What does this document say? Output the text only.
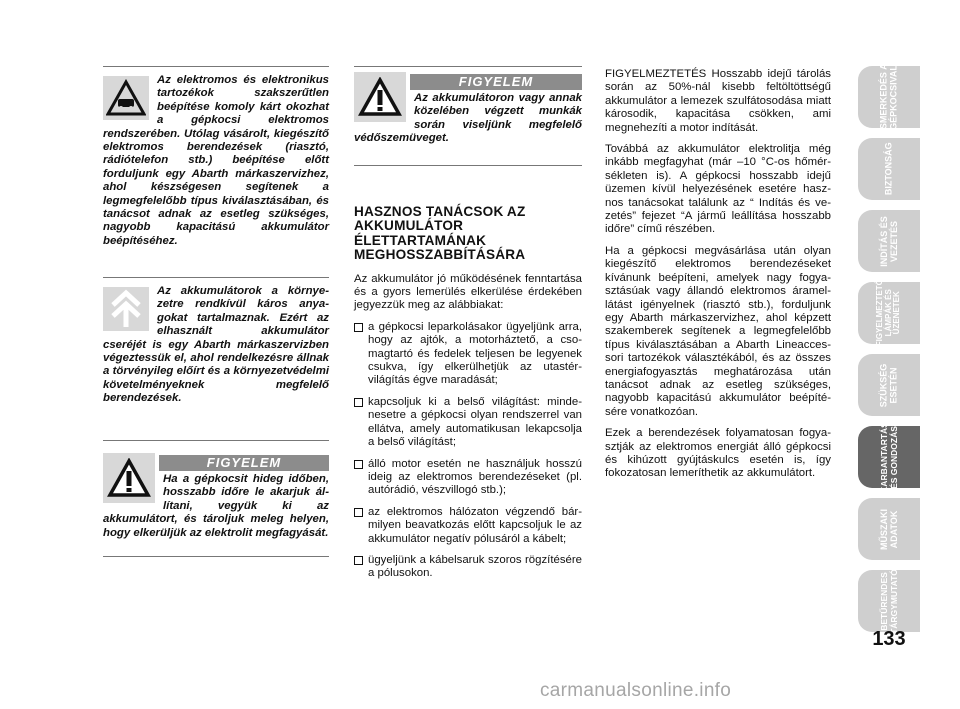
Az elektromos és elektronikus tartozékok szakszerűtlen beépítése komoly kárt okozhat a gépkocsi elektromos rendszerében. Utólag vásárolt, kiegészítő elektromos berendezések (riasztó, rádiótelefon stb.) beépítése előtt forduljunk egy Abarth márkaszervizhez, ahol készségesen segítenek a legmegfelelőbb típus kiválasztásában, és tanácsot adnak az esetleg szükséges, nagyobb kapacitású akkumulátor beépítéséhez.
Az akkumulátorok a környezetre rendkívül káros anyagokat tartalmaznak. Ezért az elhasznált akkumulátor cseréjét is egy Abarth márkaszervizben végeztessük el, ahol rendelkezésre állnak a törvényileg előírt és a környezetvédelmi követelményeknek megfelelő berendezések.
FIGYELEM
Ha a gépkocsit hideg időben, hosszabb időre le akarjuk állítani, vegyük ki az akkumulátort, és tároljuk meleg helyen, hogy elkerüljük az elektrolit megfagyását.
FIGYELEM
Az akkumulátoron vagy annak közelében végzett munkák során viseljünk megfelelő védőszemüveget.
HASZNOS TANÁCSOK AZ AKKUMULÁTOR ÉLETTARTAMÁNAK MEGHOSSZABBÍTÁSÁRA

Az akkumulátor jó működésének fenntartása és a gyors lemerülés elkerülése érdekében jegyezzük meg az alábbiakat:

a gépkocsi leparkolásakor ügyeljünk arra, hogy az ajtók, a motorháztető, a csomagtartó és fedelek teljesen be legyenek csukva, így elkerülhetjük az utastérvilágítás égve maradását;
kapcsoljuk ki a belső világítást: mindenesetre a gépkocsi olyan rendszerrel van ellátva, amely automatikusan lekapcsolja a belső világítást;
álló motor esetén ne használjuk hosszú ideig az elektromos berendezéseket (pl. autórádió, vészvillogó stb.);
az elektromos hálózaton végzendő bármilyen beavatkozás előtt kapcsoljuk le az akkumulátor negatív pólusáról a kábelt;
ügyeljünk a kábelsaruk szoros rögzítésére a pólusokon.

FIGYELMEZTETÉS Hosszabb idejű tárolás során az 50%-nál kisebb feltöltöttségű akkumulátor a lemezek szulfátosodása miatt károsodik, kapacitása csökken, ami megnehezíti a motor indítását.

Továbbá az akkumulátor elektrolitja még inkább megfagyhat (már –10 °C-os hőmérsékleten is). A gépkocsi hosszabb idejű üzemen kívül helyezésének esetére hasznos tanácsokat találunk az “ Indítás és vezetés” fejezet “A jármű leállítása hosszabb időre” című részében.

Ha a gépkocsi megvásárlása után olyan kiegészítő elektromos berendezéseket kívánunk beépíteni, amelyek nagy fogyasztásúak vagy állandó elektromos áramellátást igényelnek (riasztó stb.), forduljunk egy Abarth márkaszervizhez, ahol képzett szakemberek segítenek a legmegfelelőbb típus kiválasztásában a Abarth Lineaccessori tartozékok választékából, és az összes energiafogyasztás meghatározása után tanácsot adnak az esetleg szükséges, nagyobb kapacitású akkumulátor beépítésére vonatkozóan.

Ezek a berendezések folyamatosan fogyasztják az elektromos energiát álló gépkocsi és kihúzott gyújtáskulcs esetén is, így fokozatosan lemeríthetik az akkumulátort.

ISMERKEDÉS A
GÉPKOCSIVAL
BIZTONSÁG
INDÍTÁS ÉS
VEZETÉS
FIGYELMEZTETŐ
LÁMPÁK ÉS
ÜZENETEK
SZÜKSÉG
ESETÉN
KARBANTARTÁS
ÉS GONDOZÁS
MŰSZAKI
ADATOK
BETŰRENDES
TÁRGYMUTATÓ
133
carmanualsonline.info
